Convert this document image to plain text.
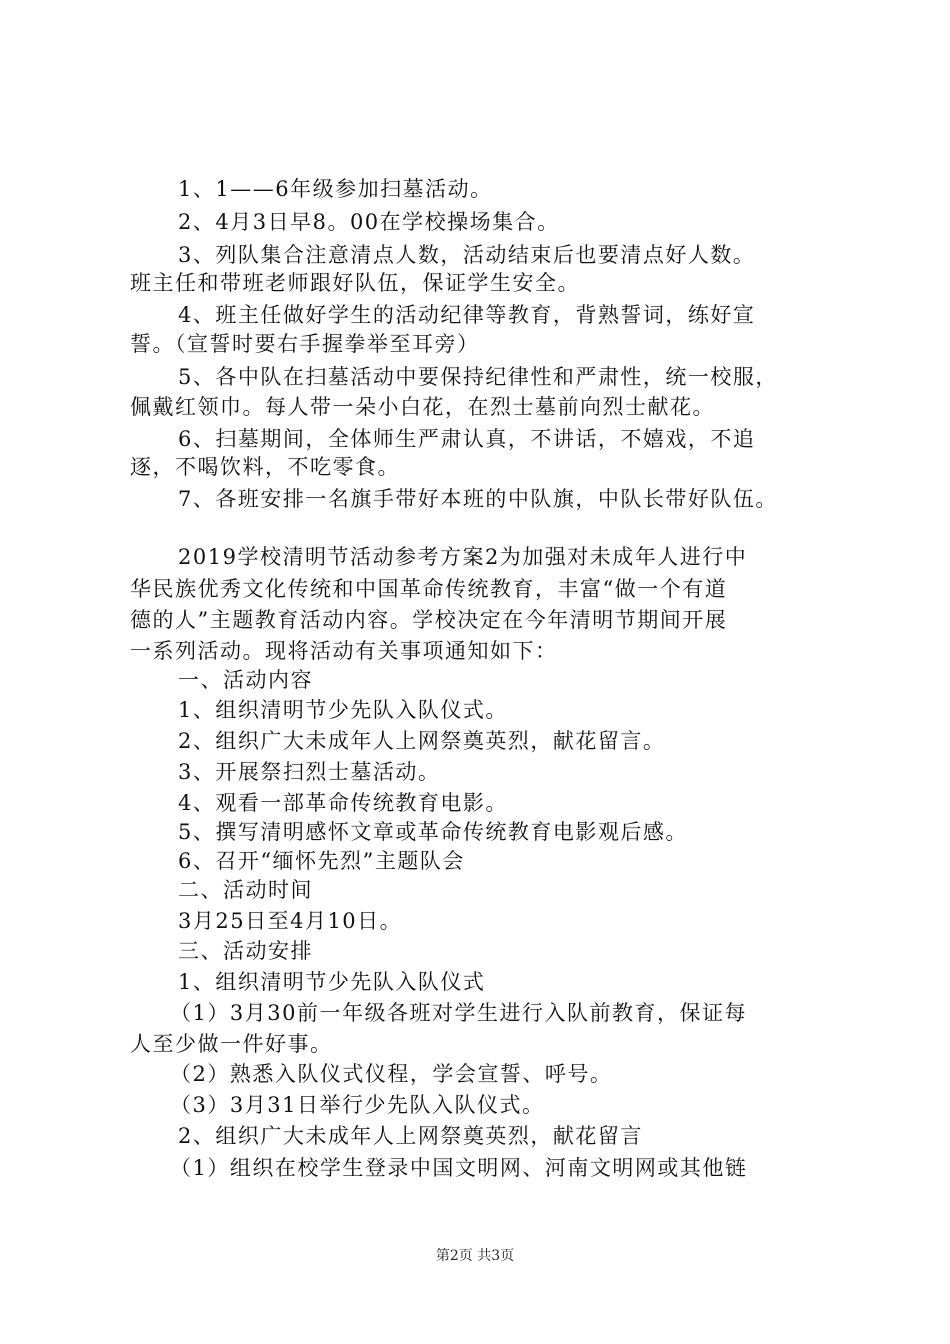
1、1——6年级参加扫墓活动。
2、4月3日早8。00在学校操场集合。
3、列队集合注意清点人数，活动结束后也要清点好人数。
班主任和带班老师跟好队伍，保证学生安全。
4、班主任做好学生的活动纪律等教育，背熟誓词，练好宣
誓。（宣誓时要右手握拳举至耳旁）
5、各中队在扫墓活动中要保持纪律性和严肃性，统一校服，
佩戴红领巾。每人带一朵小白花，在烈士墓前向烈士献花。
6、扫墓期间，全体师生严肃认真，不讲话，不嬉戏，不追
逐，不喝饮料，不吃零食。
7、各班安排一名旗手带好本班的中队旗，中队长带好队伍。
2019学校清明节活动参考方案2为加强对未成年人进行中
华民族优秀文化传统和中国革命传统教育，丰富“做一个有道
德的人”主题教育活动内容。学校决定在今年清明节期间开展
一系列活动。现将活动有关事项通知如下：
一、活动内容
1、组织清明节少先队入队仪式。
2、组织广大未成年人上网祭奠英烈，献花留言。
3、开展祭扫烈士墓活动。
4、观看一部革命传统教育电影。
5、撰写清明感怀文章或革命传统教育电影观后感。
6、召开“缅怀先烈”主题队会
二、活动时间
3月25日至4月10日。
三、活动安排
1、组织清明节少先队入队仪式
（1）3月30前一年级各班对学生进行入队前教育，保证每
人至少做一件好事。
（2）熟悉入队仪式仪程，学会宣誓、呼号。
（3）3月31日举行少先队入队仪式。
2、组织广大未成年人上网祭奠英烈，献花留言
（1）组织在校学生登录中国文明网、河南文明网或其他链
第2页 共3页
